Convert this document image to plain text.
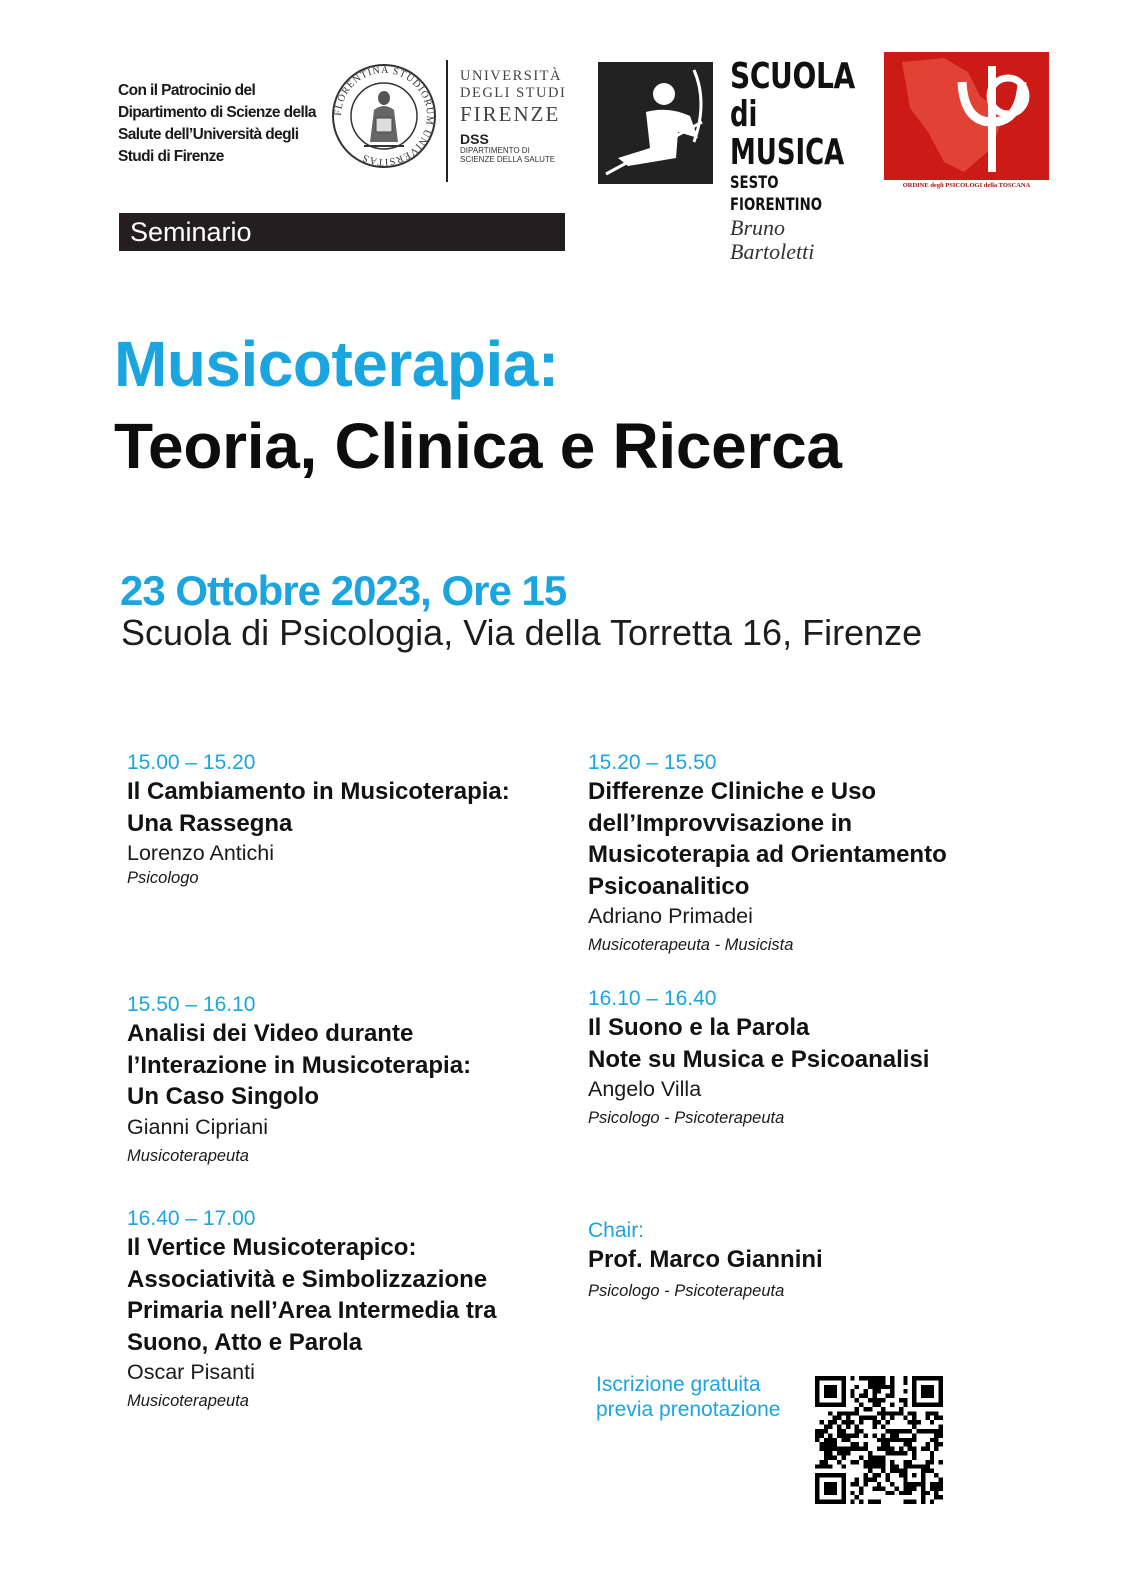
Con il Patrocinio del Dipartimento di Scienze della Salute dell’Università degli Studi di Firenze
FLORENTINA STUDIORUM UNIVERSITAS
UNIVERSITÀ
DEGLI STUDI
FIRENZE
DSS
DIPARTIMENTO DI
SCIENZE DELLA SALUTE
SCUOLA
di MUSICA
SESTO FIORENTINO
Bruno Bartoletti
ORDINE degli PSICOLOGI della TOSCANA
Seminario
Musicoterapia:
Teoria, Clinica e Ricerca
23 Ottobre 2023, Ore 15
Scuola di Psicologia, Via della Torretta 16, Firenze
15.00 – 15.20
Il Cambiamento in Musicoterapia:
Una Rassegna
Lorenzo Antichi
Psicologo
15.20 – 15.50
Differenze Cliniche e Uso
dell’Improvvisazione in
Musicoterapia ad Orientamento
Psicoanalitico
Adriano Primadei
Musicoterapeuta - Musicista
15.50 – 16.10
Analisi dei Video durante
l’Interazione in Musicoterapia:
Un Caso Singolo
Gianni Cipriani
Musicoterapeuta
16.10 – 16.40
Il Suono e la Parola
Note su Musica e Psicoanalisi
Angelo Villa
Psicologo - Psicoterapeuta
16.40 – 17.00
Il Vertice Musicoterapico:
Associatività e Simbolizzazione
Primaria nell’Area Intermedia tra
Suono, Atto e Parola
Oscar Pisanti
Musicoterapeuta
Chair:
Prof. Marco Giannini
Psicologo - Psicoterapeuta
Iscrizione gratuita
previa prenotazione
